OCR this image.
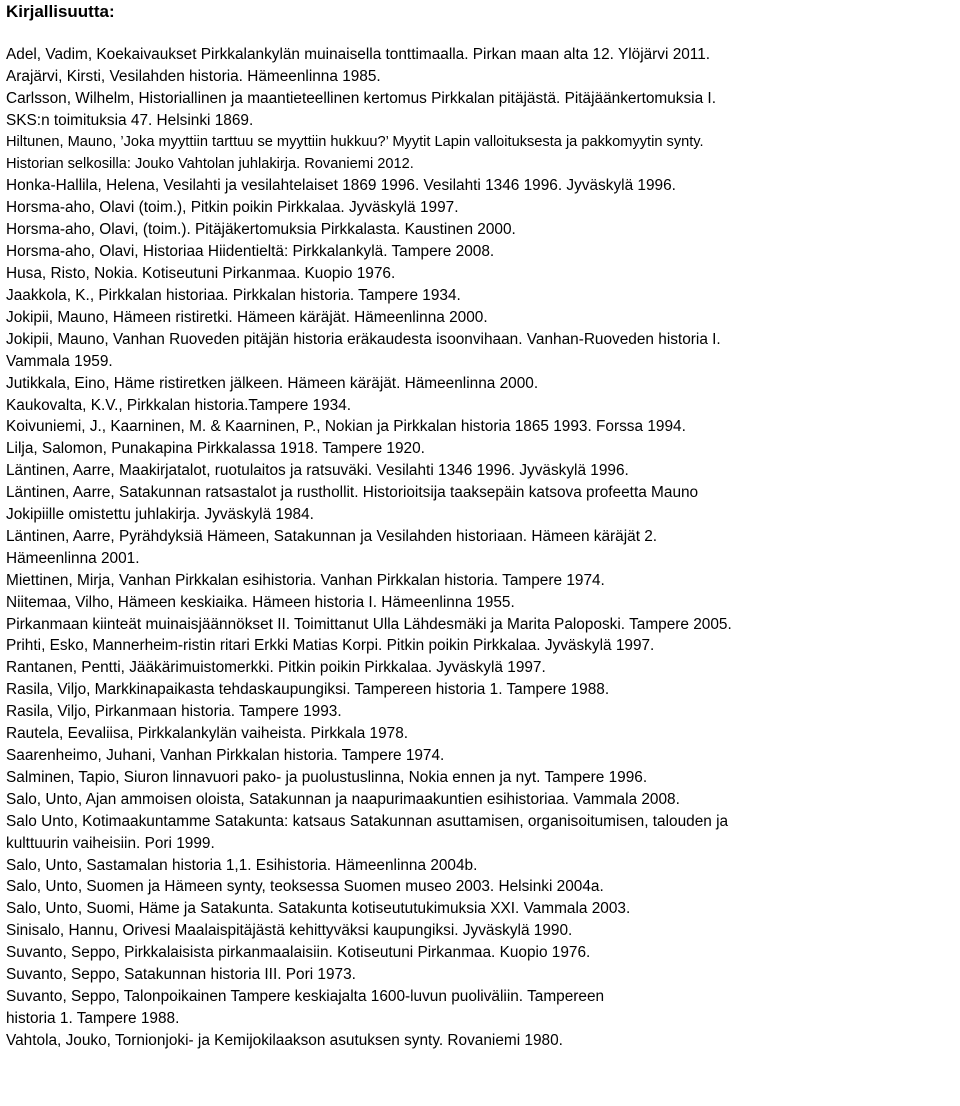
Kirjallisuutta:
Adel, Vadim, Koekaivaukset Pirkkalankylän muinaisella tonttimaalla. Pirkan maan alta 12. Ylöjärvi 2011.
Arajärvi, Kirsti, Vesilahden historia. Hämeenlinna 1985.
Carlsson, Wilhelm, Historiallinen ja maantieteellinen kertomus Pirkkalan pitäjästä. Pitäjäänkertomuksia I.
SKS:n toimituksia 47. Helsinki 1869.
Hiltunen, Mauno, ’Joka myyttiin tarttuu se myyttiin hukkuu?’ Myytit Lapin valloituksesta ja pakkomyytin synty.
Historian selkosilla: Jouko Vahtolan juhlakirja. Rovaniemi 2012.
Honka-Hallila, Helena, Vesilahti ja vesilahtelaiset 1869 1996. Vesilahti 1346 1996. Jyväskylä 1996.
Horsma-aho, Olavi (toim.), Pitkin poikin Pirkkalaa. Jyväskylä 1997.
Horsma-aho, Olavi, (toim.). Pitäjäkertomuksia Pirkkalasta. Kaustinen 2000.
Horsma-aho, Olavi, Historiaa Hiidentieltä: Pirkkalankylä. Tampere 2008.
Husa, Risto, Nokia. Kotiseutuni Pirkanmaa. Kuopio 1976.
Jaakkola, K., Pirkkalan historiaa. Pirkkalan historia. Tampere 1934.
Jokipii, Mauno, Hämeen ristiretki. Hämeen käräjät. Hämeenlinna 2000.
Jokipii, Mauno, Vanhan Ruoveden pitäjän historia eräkaudesta isoonvihaan. Vanhan-Ruoveden historia I.
Vammala 1959.
Jutikkala, Eino, Häme ristiretken jälkeen. Hämeen käräjät. Hämeenlinna 2000.
Kaukovalta, K.V., Pirkkalan historia.Tampere 1934.
Koivuniemi, J., Kaarninen, M. & Kaarninen, P., Nokian ja Pirkkalan historia 1865 1993. Forssa 1994.
Lilja, Salomon, Punakapina Pirkkalassa 1918. Tampere 1920.
Läntinen, Aarre, Maakirjatalot, ruotulaitos ja ratsuväki. Vesilahti 1346 1996. Jyväskylä 1996.
Läntinen, Aarre, Satakunnan ratsastalot ja rusthollit. Historioitsija taaksepäin katsova profeetta Mauno
Jokipiille omistettu juhlakirja. Jyväskylä 1984.
Läntinen, Aarre, Pyrähdyksiä Hämeen, Satakunnan ja Vesilahden historiaan. Hämeen käräjät 2.
Hämeenlinna 2001.
Miettinen, Mirja, Vanhan Pirkkalan esihistoria. Vanhan Pirkkalan historia. Tampere 1974.
Niitemaa, Vilho, Hämeen keskiaika. Hämeen historia I. Hämeenlinna 1955.
Pirkanmaan kiinteät muinaisjäännökset II. Toimittanut Ulla Lähdesmäki ja Marita Paloposki. Tampere 2005.
Prihti, Esko, Mannerheim-ristin ritari Erkki Matias Korpi. Pitkin poikin Pirkkalaa. Jyväskylä 1997.
Rantanen, Pentti, Jääkärimuistomerkki. Pitkin poikin Pirkkalaa. Jyväskylä 1997.
Rasila, Viljo, Markkinapaikasta tehdaskaupungiksi. Tampereen historia 1. Tampere 1988.
Rasila, Viljo, Pirkanmaan historia. Tampere 1993.
Rautela, Eevaliisa, Pirkkalankylän vaiheista. Pirkkala 1978.
Saarenheimo, Juhani, Vanhan Pirkkalan historia. Tampere 1974.
Salminen, Tapio, Siuron linnavuori pako- ja puolustuslinna, Nokia ennen ja nyt. Tampere 1996.
Salo, Unto, Ajan ammoisen oloista, Satakunnan ja naapurimaakuntien esihistoriaa. Vammala 2008.
Salo Unto, Kotimaakuntamme Satakunta: katsaus Satakunnan asuttamisen, organisoitumisen, talouden ja
kulttuurin vaiheisiin. Pori 1999.
Salo, Unto, Sastamalan historia 1,1. Esihistoria. Hämeenlinna 2004b.
Salo, Unto, Suomen ja Hämeen synty, teoksessa Suomen museo 2003. Helsinki 2004a.
Salo, Unto, Suomi, Häme ja Satakunta. Satakunta kotiseututukimuksia XXI. Vammala 2003.
Sinisalo, Hannu, Orivesi Maalaispitäjästä kehittyväksi kaupungiksi. Jyväskylä 1990.
Suvanto, Seppo, Pirkkalaisista pirkanmaalaisiin. Kotiseutuni Pirkanmaa. Kuopio 1976.
Suvanto, Seppo, Satakunnan historia III. Pori 1973.
Suvanto, Seppo, Talonpoikainen Tampere keskiajalta 1600-luvun puoliväliin. Tampereen
historia 1. Tampere 1988.
Vahtola, Jouko, Tornionjoki- ja Kemijokilaakson asutuksen synty. Rovaniemi 1980.
